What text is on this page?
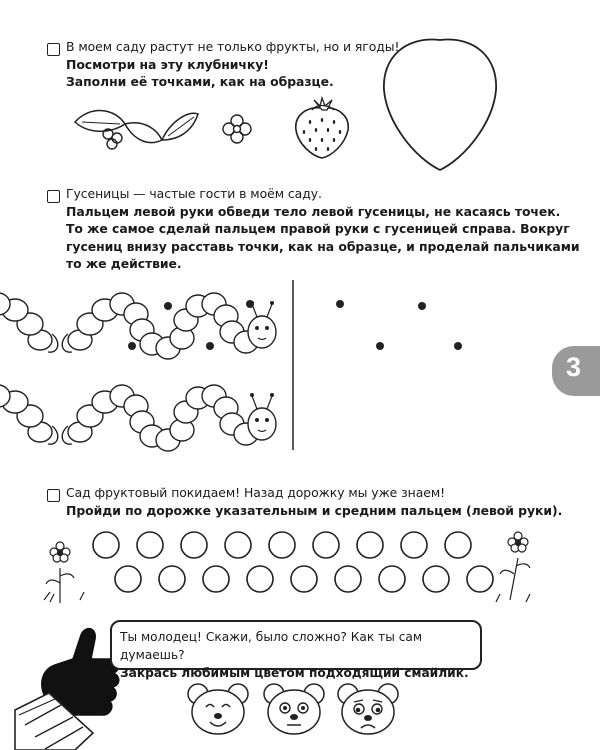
В моем саду растут не только фрукты, но и ягоды!
Посмотри на эту клубничку!
Заполни её точками, как на образце.
Гусеницы — частые гости в моём саду.
Пальцем левой руки обведи тело левой гусеницы, не касаясь точек.
То же самое сделай пальцем правой руки с гусеницей справа. Вокруг
гусениц внизу расставь точки, как на образце, и проделай пальчиками
то же действие.
3
Сад фруктовый покидаем! Назад дорожку мы уже знаем!
Пройди по дорожке указательным и средним пальцем (левой руки).
Ты молодец! Скажи, было сложно? Как ты сам думаешь?
Закрась любимым цветом подходящий смайлик.
